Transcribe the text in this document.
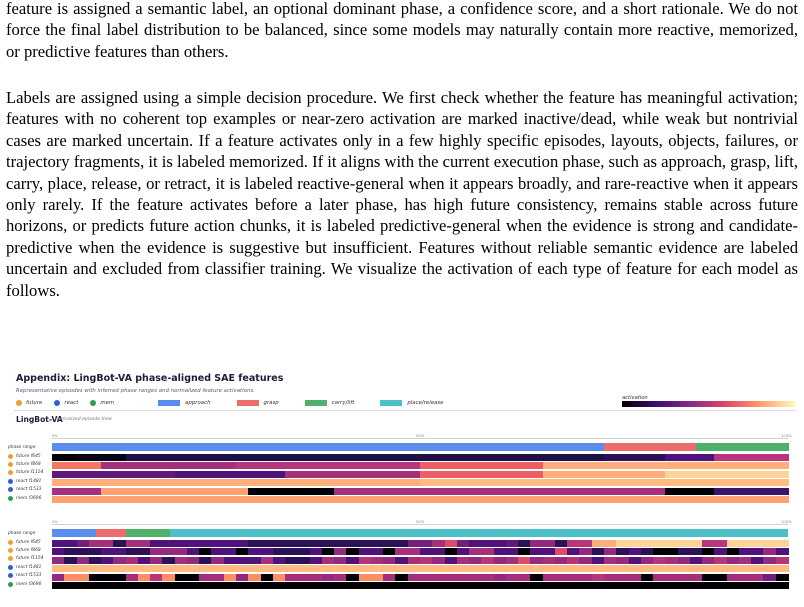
feature is assigned a semantic label, an optional dominant phase, a confidence score, and a short rationale. We do not force the final label distribution to be balanced, since some models may naturally contain more reactive, memorized, or predictive features than others.
Labels are assigned using a simple decision procedure. We first check whether the feature has meaningful activation; features with no coherent top examples or near-zero activation are marked inactive/dead, while weak but nontrivial cases are marked uncertain. If a feature activates only in a few highly specific episodes, layouts, objects, failures, or trajectory fragments, it is labeled memorized. If it aligns with the current execution phase, such as approach, grasp, lift, carry, place, release, or retract, it is labeled reactive-general when it appears broadly, and rare-reactive when it appears only rarely. If the feature activates before a later phase, has high future consistency, remains stable across future horizons, or predicts future action chunks, it is labeled predictive-general when the evidence is strong and candidate-predictive when the evidence is suggestive but insufficient. Features without reliable semantic evidence are labeled uncertain and excluded from classifier training. We visualize the activation of each type of feature for each model as follows.
Appendix: LingBot-VA phase-aligned SAE features
Representative episodes with inferred phase ranges and normalized feature activations.
future	react	mem	approach	grasp	carry/lift	place/release
activation
LingBot-VA
normalized episode time
0%	50%	100%
phase range
future f645
future f868
future f1154
react f1481
react f1533
mem f3696
0%	50%	100%
phase range
future f645
future f868
future f1154
react f1481
react f1533
mem f3696
